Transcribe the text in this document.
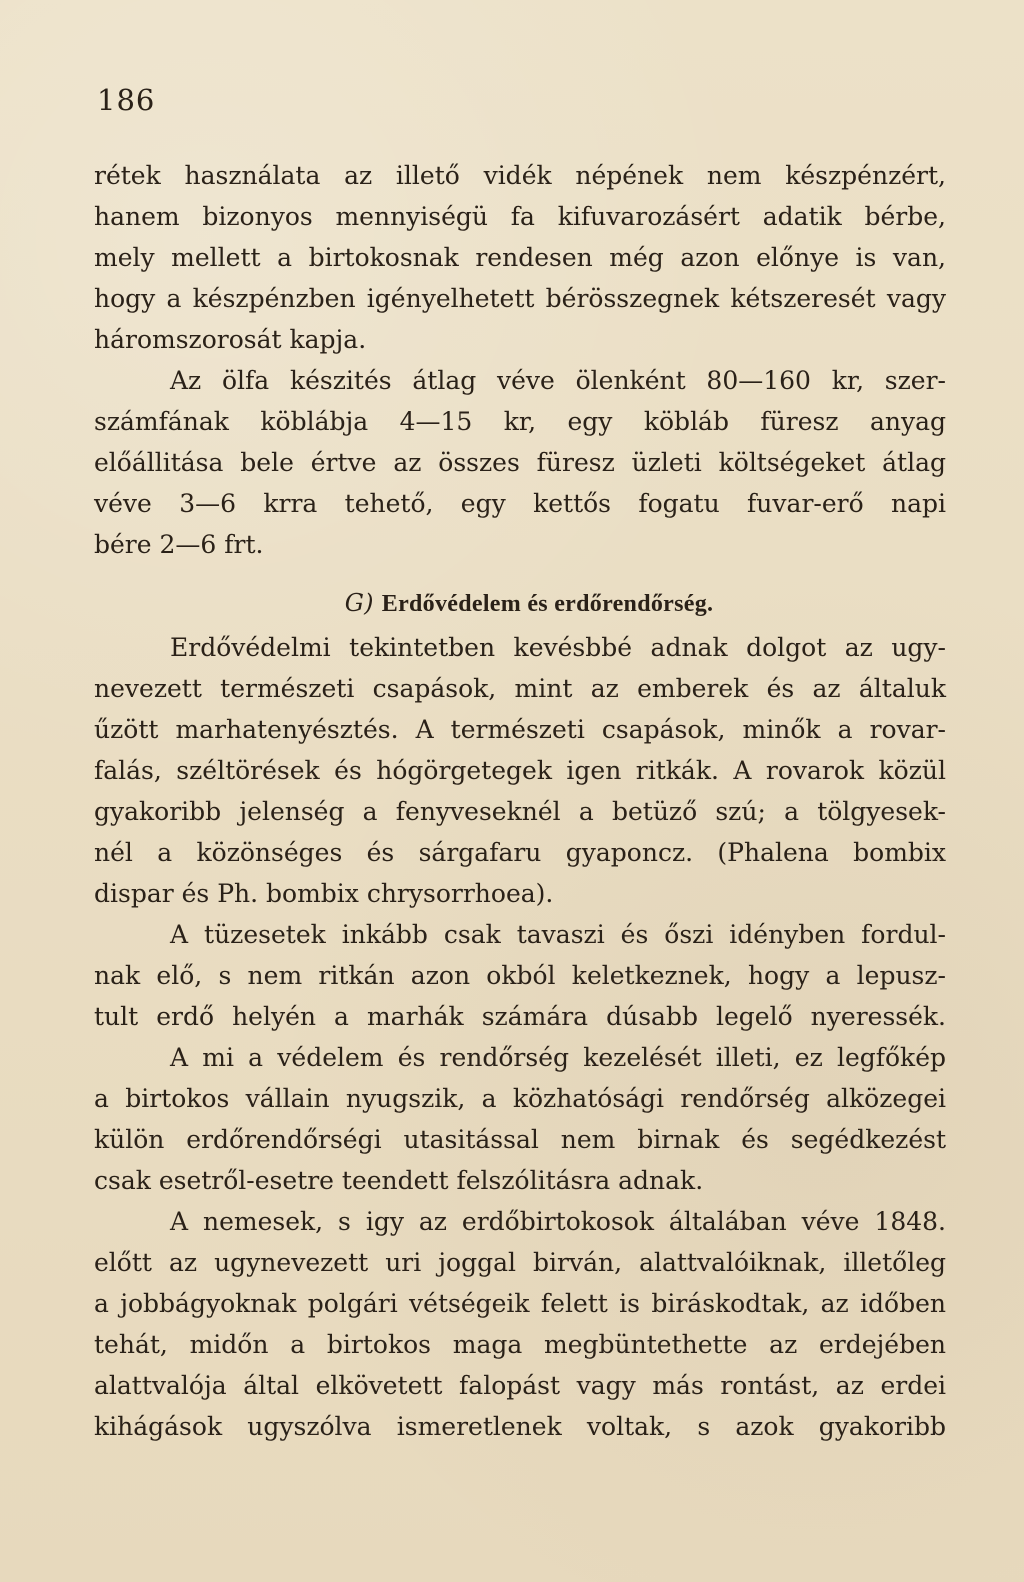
186
rétek használata az illető vidék népének nem készpénzért,
hanem bizonyos mennyiségü fa kifuvarozásért adatik bérbe,
mely mellett a birtokosnak rendesen még azon előnye is van,
hogy a készpénzben igényelhetett bérösszegnek kétszeresét vagy
háromszorosát kapja.
Az ölfa készités átlag véve ölenként 80—160 kr, szer-
számfának köblábja 4—15 kr, egy köbláb füresz anyag
előállitása bele értve az összes füresz üzleti költségeket átlag
véve 3—6 krra tehető, egy kettős fogatu fuvar-erő napi
bére 2—6 frt.
G) Erdővédelem és erdőrendőrség.
Erdővédelmi tekintetben kevésbbé adnak dolgot az ugy-
nevezett természeti csapások, mint az emberek és az általuk
űzött marhatenyésztés. A természeti csapások, minők a rovar-
falás, széltörések és hógörgetegek igen ritkák. A rovarok közül
gyakoribb jelenség a fenyveseknél a betüző szú; a tölgyesek-
nél a közönséges és sárgafaru gyaponcz. (Phalena bombix
dispar és Ph. bombix chrysorrhoea).
A tüzesetek inkább csak tavaszi és őszi idényben fordul-
nak elő, s nem ritkán azon okból keletkeznek, hogy a lepusz-
tult erdő helyén a marhák számára dúsabb legelő nyeressék.
A mi a védelem és rendőrség kezelését illeti, ez legfőkép
a birtokos vállain nyugszik, a közhatósági rendőrség alközegei
külön erdőrendőrségi utasitással nem birnak és segédkezést
csak esetről-esetre teendett felszólitásra adnak.
A nemesek, s igy az erdőbirtokosok általában véve 1848.
előtt az ugynevezett uri joggal birván, alattvalóiknak, illetőleg
a jobbágyoknak polgári vétségeik felett is biráskodtak, az időben
tehát, midőn a birtokos maga megbüntethette az erdejében
alattvalója által elkövetett falopást vagy más rontást, az erdei
kihágások ugyszólva ismeretlenek voltak, s azok gyakoribb
